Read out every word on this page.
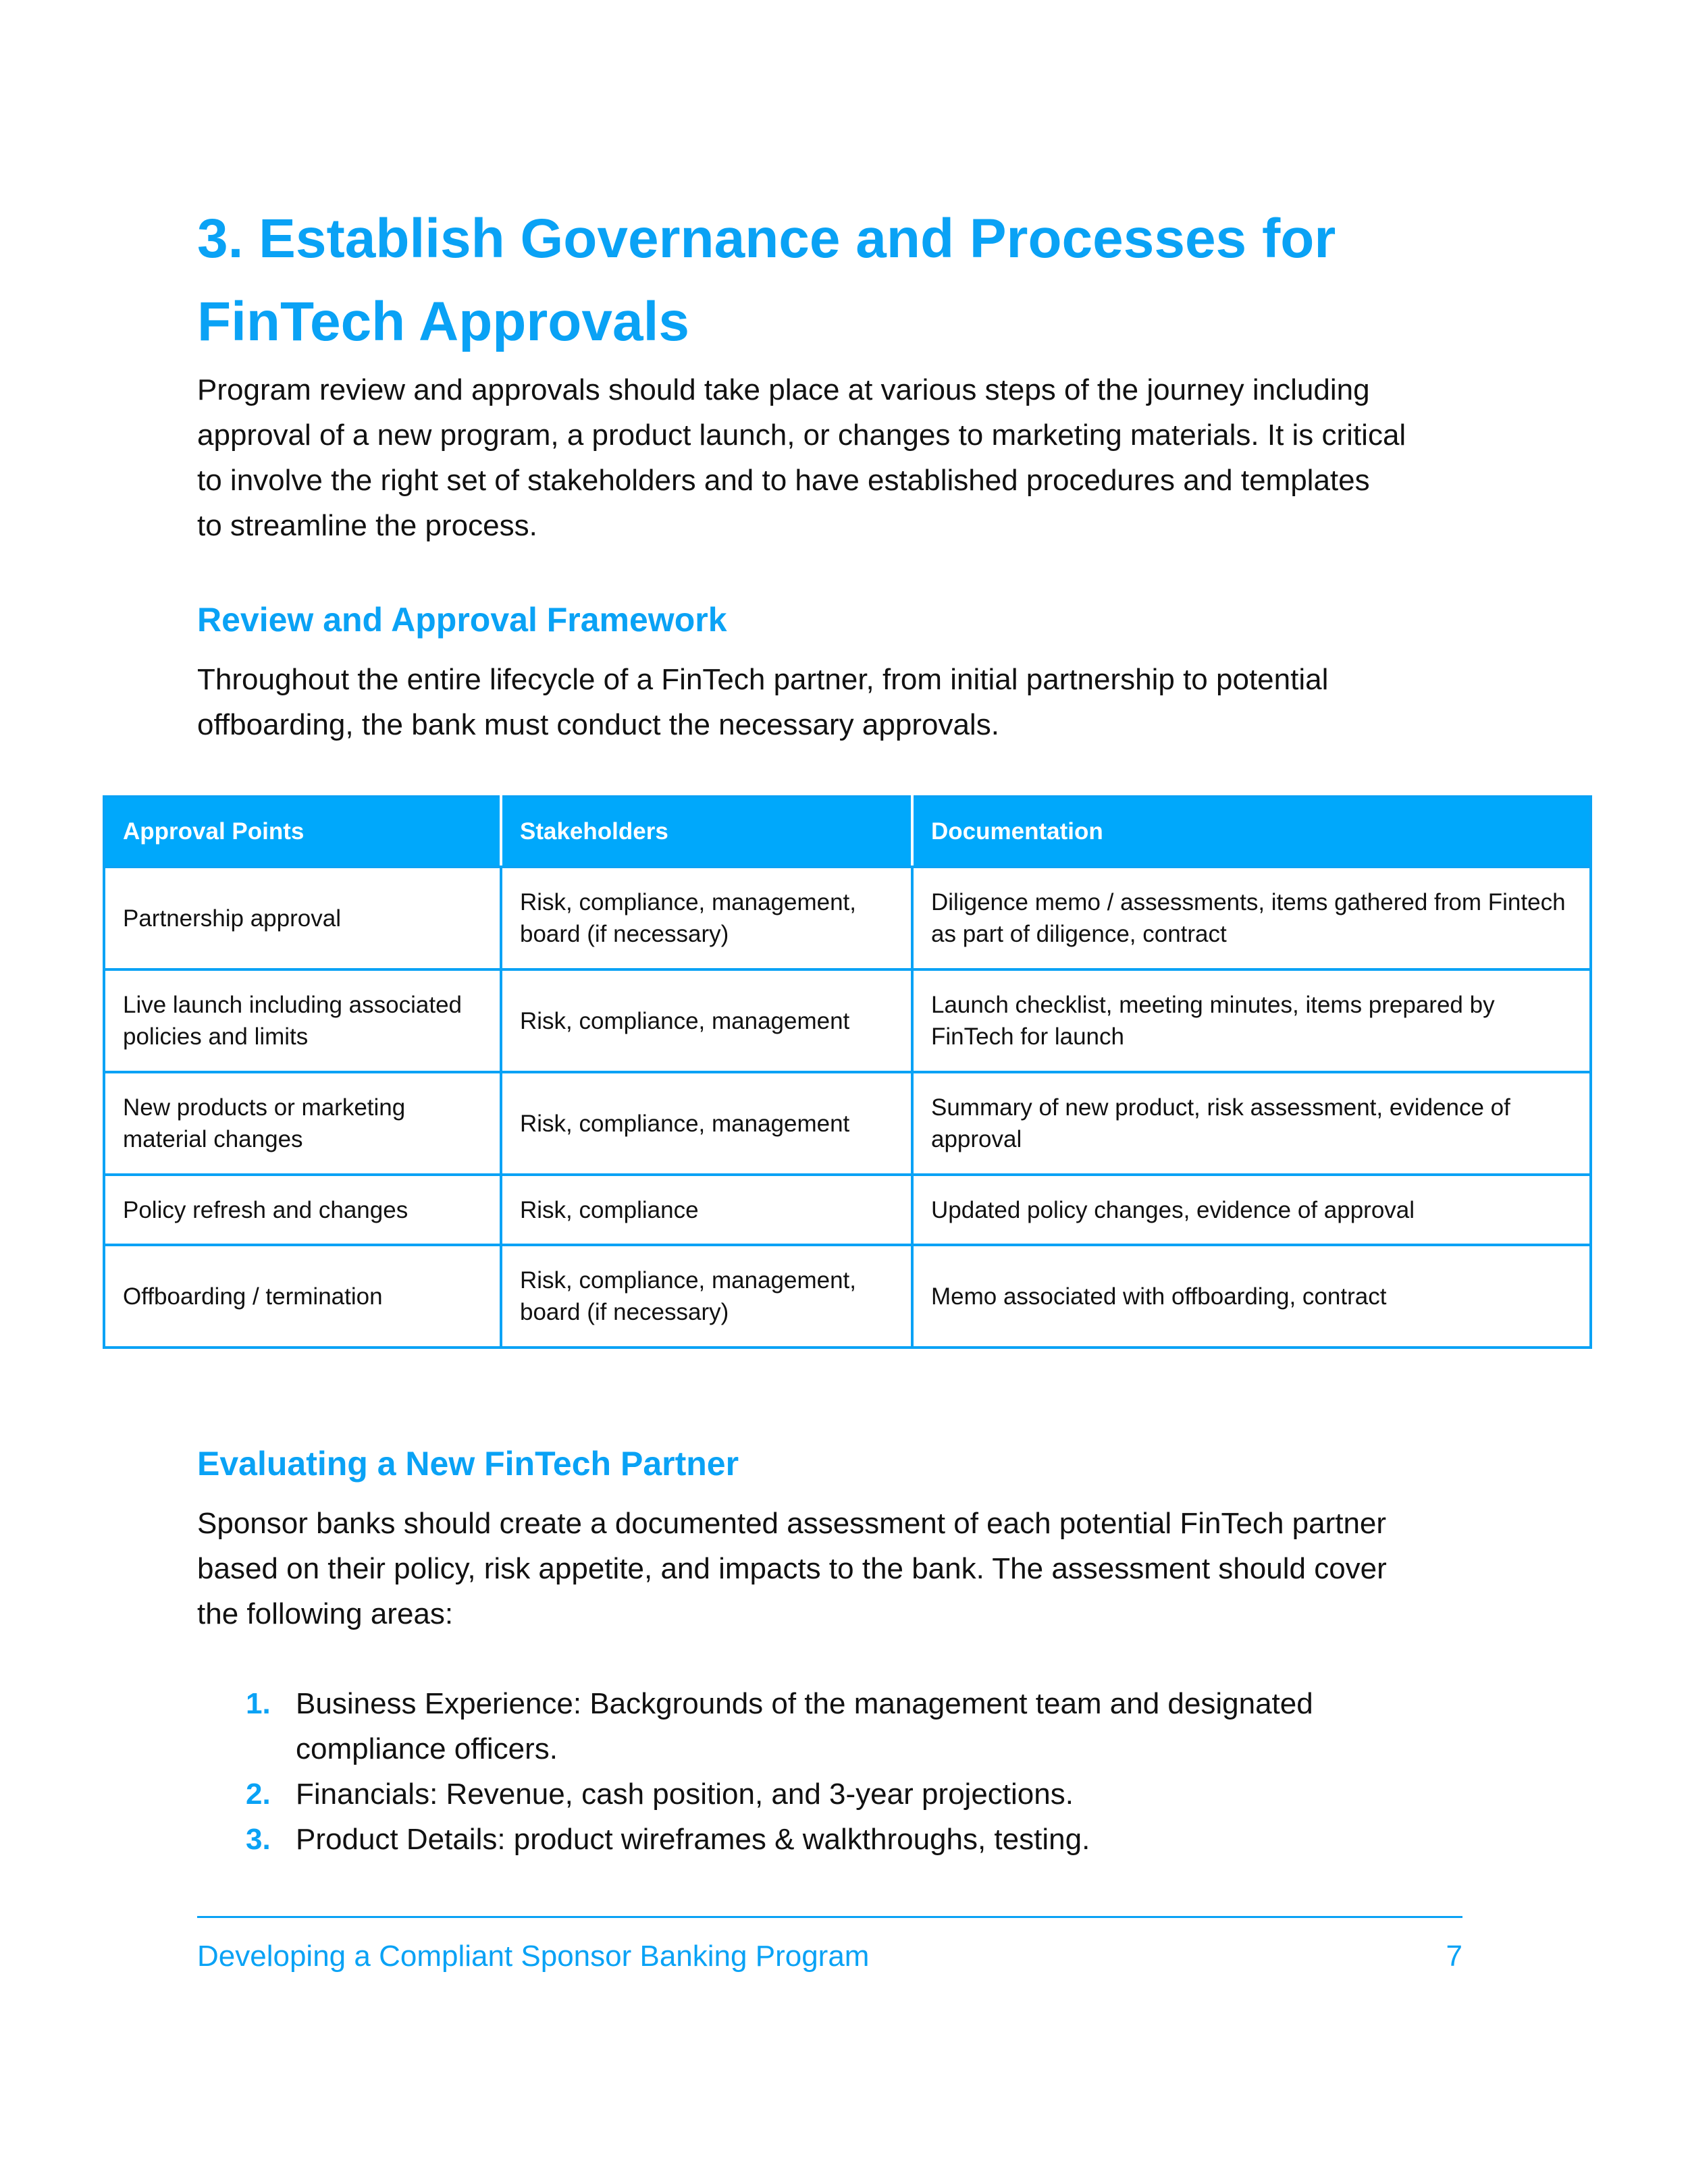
3. Establish Governance and Processes for
FinTech Approvals

Program review and approvals should take place at various steps of the journey including
approval of a new program, a product launch, or changes to marketing materials. It is critical
to involve the right set of stakeholders and to have established procedures and templates
to streamline the process.

Review and Approval Framework

Throughout the entire lifecycle of a FinTech partner, from initial partnership to potential
offboarding, the bank must conduct the necessary approvals.

Approval Points	Stakeholders	Documentation
Partnership approval	Risk, compliance, management, board (if necessary)	Diligence memo / assessments, items gathered from Fintech as part of diligence, contract
Live launch including associated policies and limits	Risk, compliance, management	Launch checklist, meeting minutes, items prepared by FinTech for launch
New products or marketing material changes	Risk, compliance, management	Summary of new product, risk assessment, evidence of approval
Policy refresh and changes	Risk, compliance	Updated policy changes, evidence of approval
Offboarding / termination	Risk, compliance, management, board (if necessary)	Memo associated with offboarding, contract
Evaluating a New FinTech Partner

Sponsor banks should create a documented assessment of each potential FinTech partner
based on their policy, risk appetite, and impacts to the bank. The assessment should cover
the following areas:

1. Business Experience: Backgrounds of the management team and designated
compliance officers.
2. Financials: Revenue, cash position, and 3-year projections.
3. Product Details: product wireframes & walkthroughs, testing.
Developing a Compliant Sponsor Banking Program	7
